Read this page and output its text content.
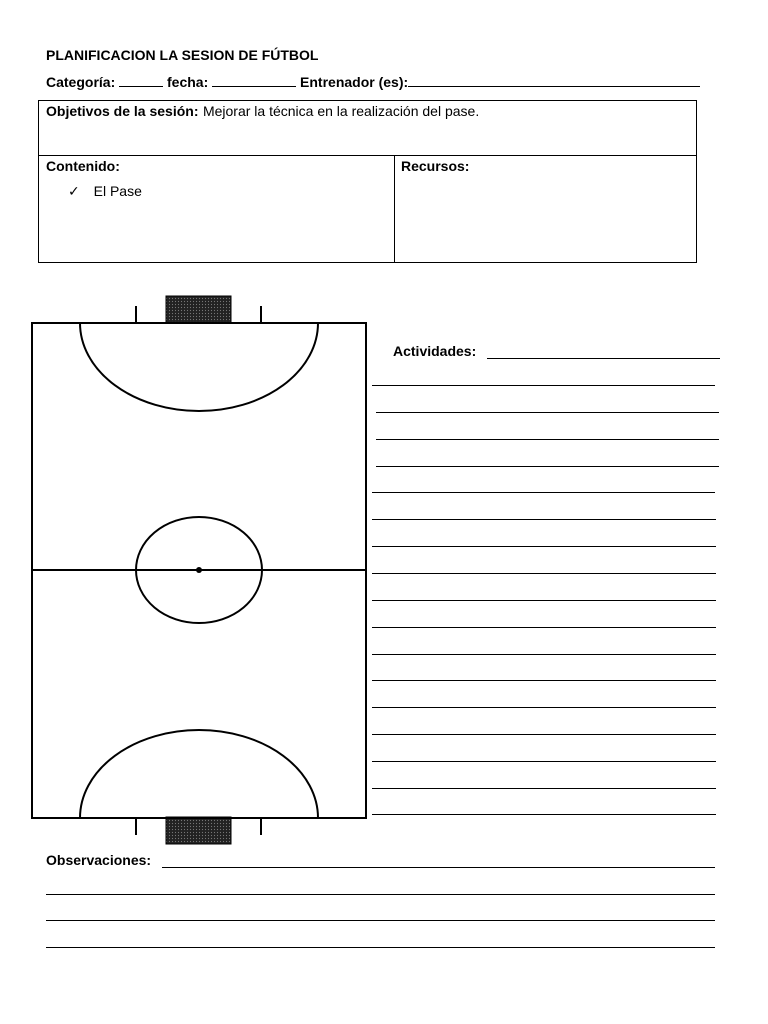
PLANIFICACION LA SESION DE FÚTBOL
Categoría:	fecha:	Entrenador (es):
Objetivos de la sesión: Mejorar la técnica en la realización del pase.
Contenido:
✓ El Pase
Recursos:
Actividades:
Observaciones:
